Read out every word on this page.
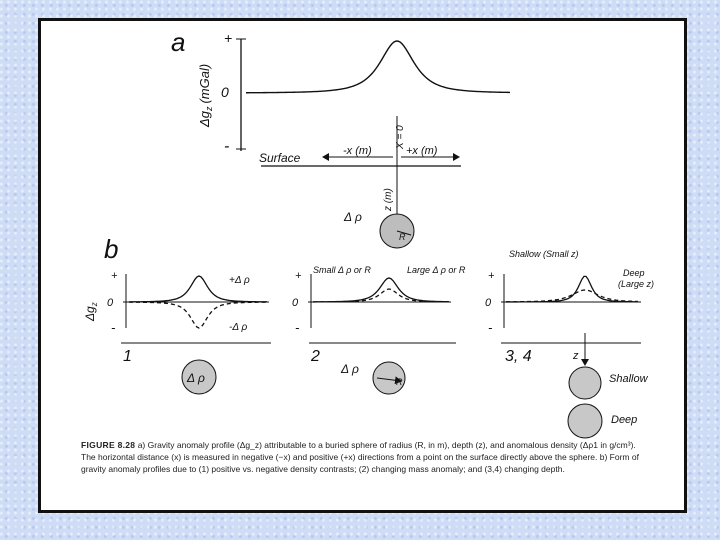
a	+
0
-
$\Delta g_z(mGal)$
Surface	-x (m)	+x (m)
X = 0
z (m)
R
Δ ρ
b
$\Delta g_z$
+
0
-
+Δ ρ
-Δ ρ
1
Δ ρ
+
0
-
Small Δ ρ or R	Large Δ ρ or R
2
R
Δ ρ
+
0
-
Shallow (Small z)
Deep
(Large z)
3, 4	z
Shallow
Deep
FIGURE 8.28 a) Gravity anomaly profile (Δg_z) attributable to a buried sphere of radius (R, in m), depth (z), and anomalous density (Δρ1 in g/cm³). The horizontal distance (x) is measured in negative (−x) and positive (+x) directions from a point on the surface directly above the sphere. b) Form of gravity anomaly profiles due to (1) positive vs. negative density contrasts; (2) changing mass anomaly; and (3,4) changing depth.
